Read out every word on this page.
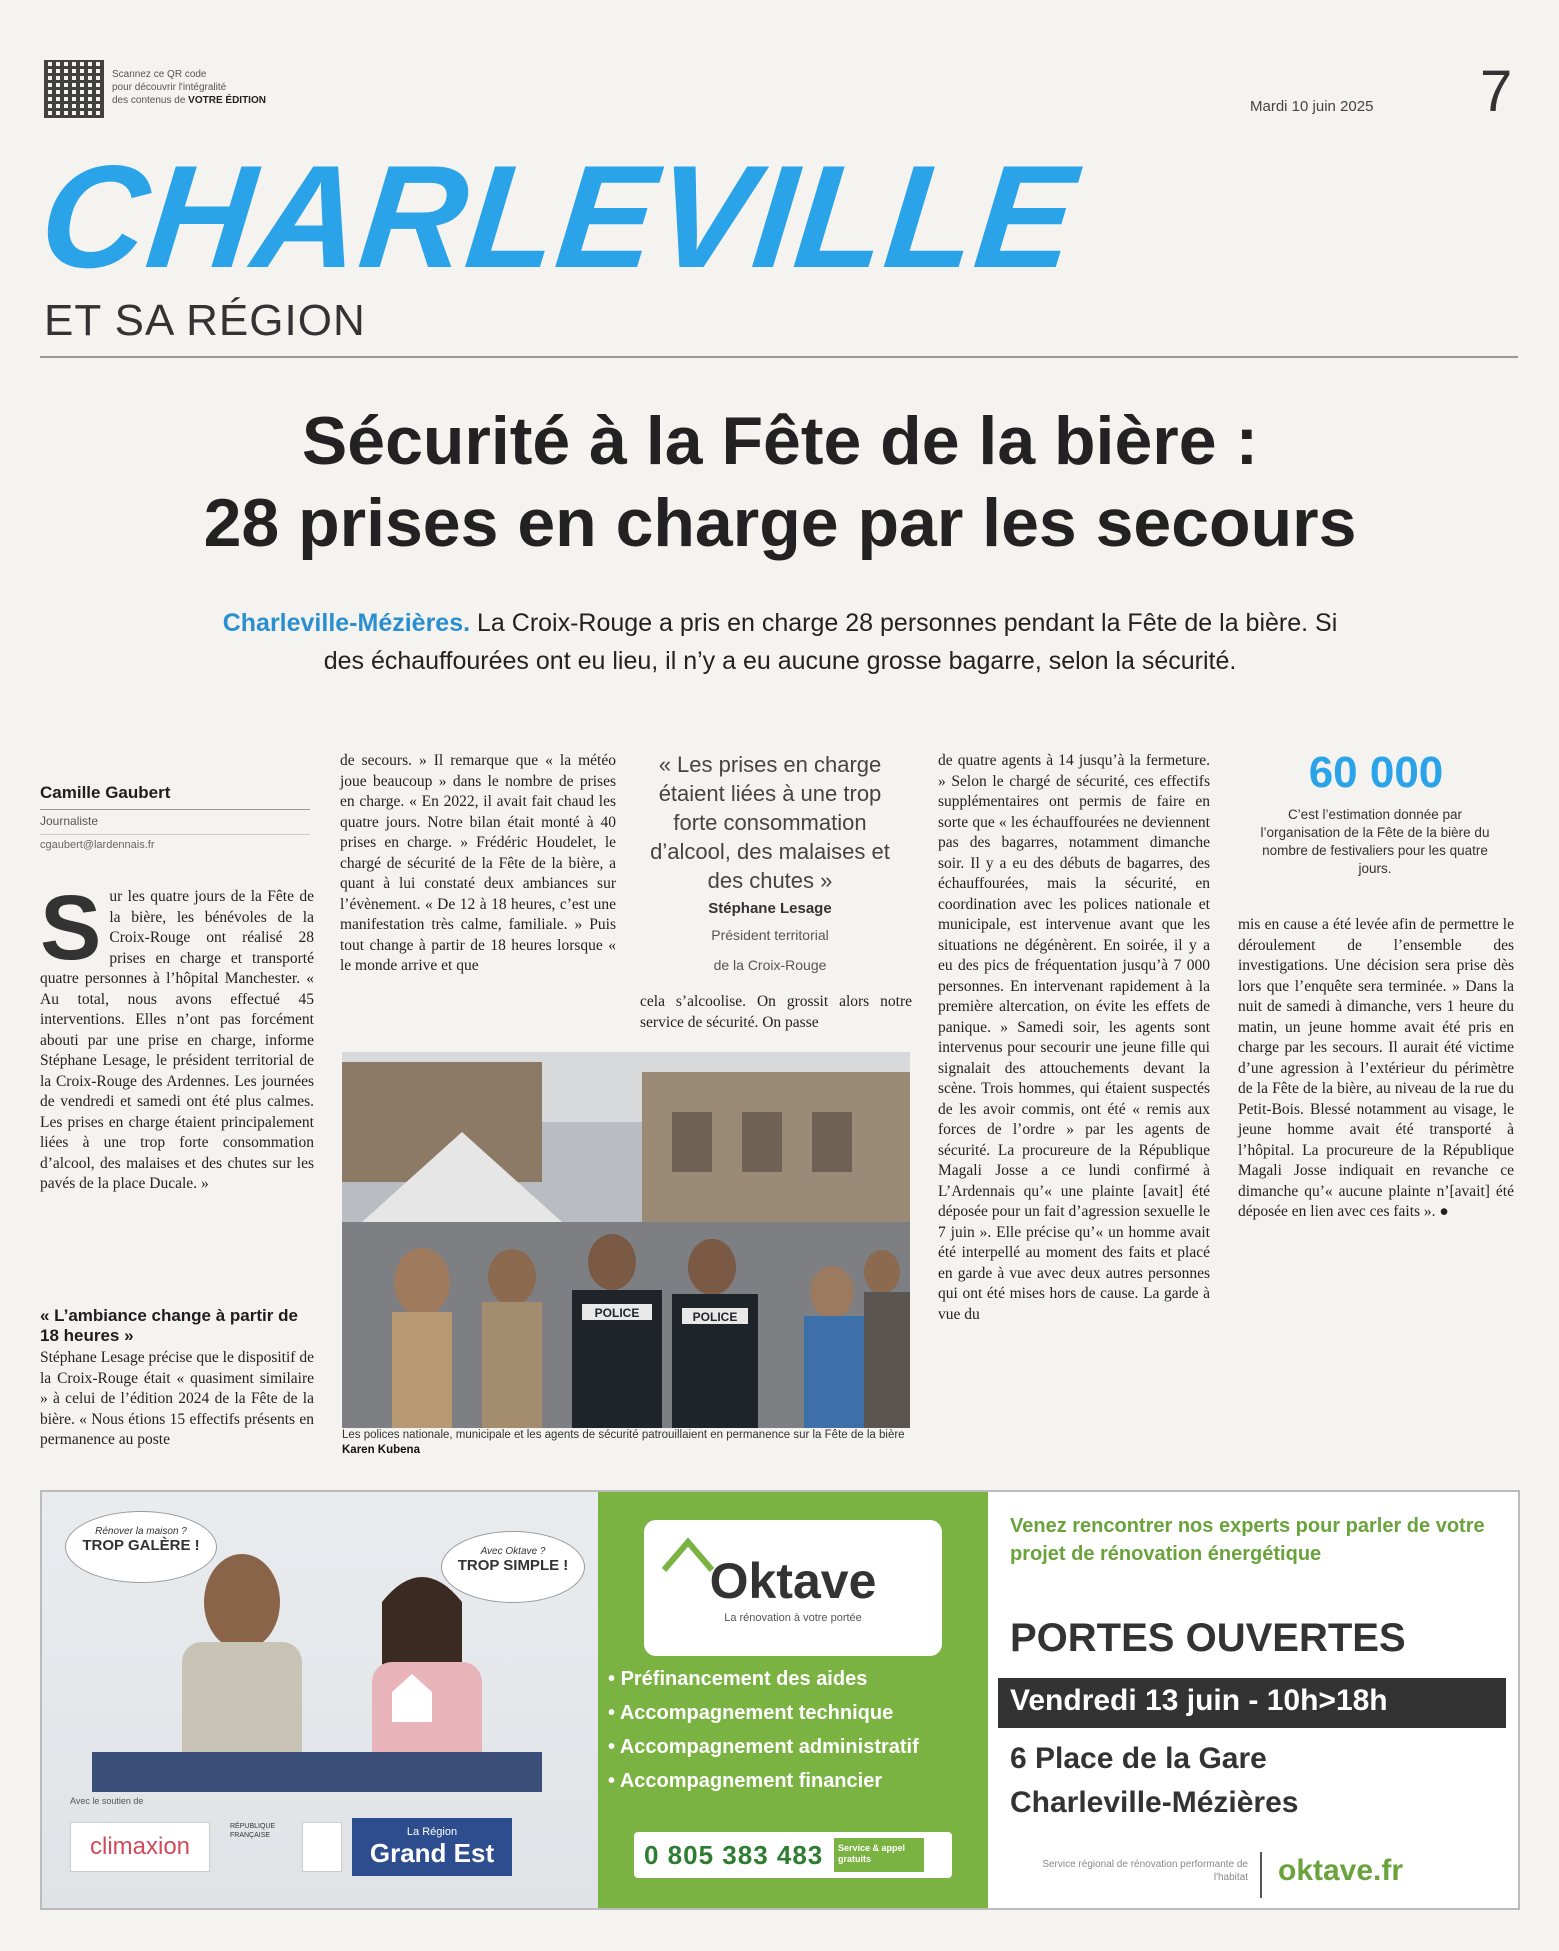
Scannez ce QR code
pour découvrir l'intégralité
des contenus de VOTRE ÉDITION	Mardi 10 juin 2025 7
CHARLEVILLE
ET SA RÉGION
Sécurité à la Fête de la bière :
28 prises en charge par les secours
Charleville-Mézières. La Croix-Rouge a pris en charge 28 personnes pendant la Fête de la bière. Si des échauffourées ont eu lieu, il n’y a eu aucune grosse bagarre, selon la sécurité.
Camille Gaubert
Journaliste
cgaubert@lardennais.fr
Sur les quatre jours de la Fête de la bière, les bénévoles de la Croix-Rouge ont réalisé 28 prises en charge et transporté quatre personnes à l’hôpital Manchester. « Au total, nous avons effectué 45 interventions. Elles n’ont pas forcément abouti par une prise en charge, informe Stéphane Lesage, le président territorial de la Croix-Rouge des Ardennes. Les journées de vendredi et samedi ont été plus calmes. Les prises en charge étaient principalement liées à une trop forte consommation d’alcool, des malaises et des chutes sur les pavés de la place Ducale. »
« L’ambiance change à partir de 18 heures »
Stéphane Lesage précise que le dispositif de la Croix-Rouge était « quasiment similaire » à celui de l’édition 2024 de la Fête de la bière. « Nous étions 15 effectifs présents en permanence au poste
de secours. » Il remarque que « la météo joue beaucoup » dans le nombre de prises en charge. « En 2022, il avait fait chaud les quatre jours. Notre bilan était monté à 40 prises en charge. » Frédéric Houdelet, le chargé de sécurité de la Fête de la bière, a quant à lui constaté deux ambiances sur l’évènement. « De 12 à 18 heures, c’est une manifestation très calme, familiale. » Puis tout change à partir de 18 heures lorsque « le monde arrive et que
« Les prises en charge étaient liées à une trop forte consommation d’alcool, des malaises et des chutes »
Stéphane Lesage
Président territorial
de la Croix-Rouge
cela s’alcoolise. On grossit alors notre service de sécurité. On passe
POLICE	POLICE
Les polices nationale, municipale et les agents de sécurité patrouillaient en permanence sur la Fête de la bière Karen Kubena
de quatre agents à 14 jusqu’à la fermeture. » Selon le chargé de sécurité, ces effectifs supplémentaires ont permis de faire en sorte que « les échauffourées ne deviennent pas des bagarres, notamment dimanche soir. Il y a eu des débuts de bagarres, des échauffourées, mais la sécurité, en coordination avec les polices nationale et municipale, est intervenue avant que les situations ne dégénèrent. En soirée, il y a eu des pics de fréquentation jusqu’à 7 000 personnes. En intervenant rapidement à la première altercation, on évite les effets de panique. » Samedi soir, les agents sont intervenus pour secourir une jeune fille qui signalait des attouchements devant la scène. Trois hommes, qui étaient suspectés de les avoir commis, ont été « remis aux forces de l’ordre » par les agents de sécurité. La procureure de la République Magali Josse a ce lundi confirmé à L’Ardennais qu’« une plainte [avait] été déposée pour un fait d’agression sexuelle le 7 juin ». Elle précise qu’« un homme avait été interpellé au moment des faits et placé en garde à vue avec deux autres personnes qui ont été mises hors de cause. La garde à vue du
60 000
C’est l’estimation donnée par l’organisation de la Fête de la bière du nombre de festivaliers pour les quatre jours.
mis en cause a été levée afin de permettre le déroulement de l’ensemble des investigations. Une décision sera prise dès lors que l’enquête sera terminée. » Dans la nuit de samedi à dimanche, vers 1 heure du matin, un jeune homme avait été pris en charge par les secours. Il aurait été victime d’une agression à l’extérieur du périmètre de la Fête de la bière, au niveau de la rue du Petit-Bois. Blessé notamment au visage, le jeune homme avait été transporté à l’hôpital. La procureure de la République Magali Josse indiquait en revanche ce dimanche qu’« aucune plainte n’[avait] été déposée en lien avec ces faits ». ●
Rénover la maison ?
TROP GALÈRE !	Avec Oktave ?
TROP SIMPLE !
Avec le soutien de
climaxion
RÉPUBLIQUE FRANÇAISE	La Région
Grand Est
Oktave
La rénovation à votre portée
• Préfinancement des aides
• Accompagnement technique
• Accompagnement administratif
• Accompagnement financier
0 805 383 483	Service & appel gratuits
Venez rencontrer nos experts pour parler de votre projet de rénovation énergétique
PORTES OUVERTES
Vendredi 13 juin - 10h>18h
6 Place de la Gare
Charleville-Mézières
Service régional de rénovation performante de l'habitat oktave.fr
